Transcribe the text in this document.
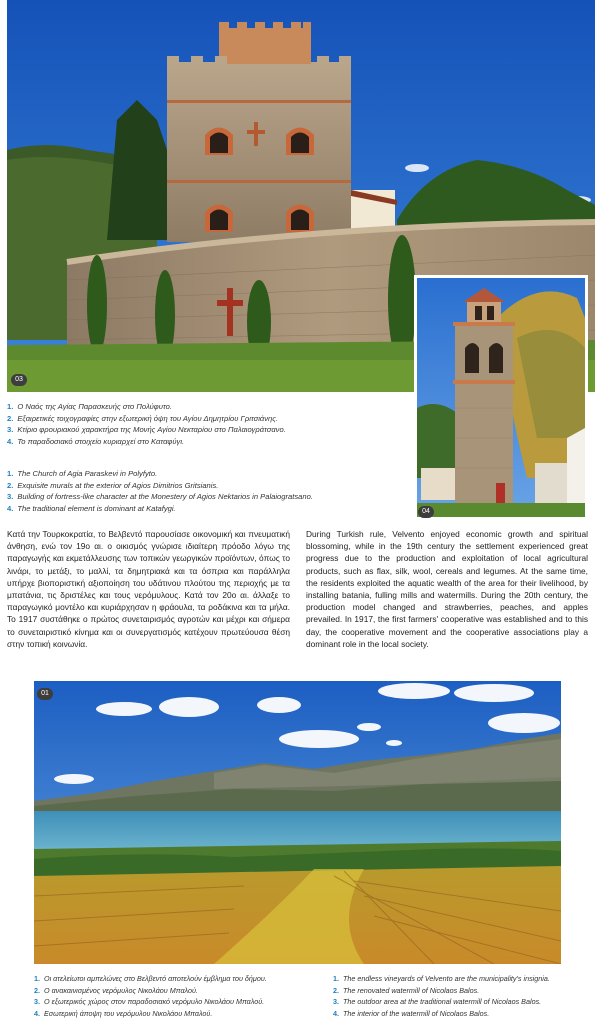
03
04
1. Ο Ναός της Αγίας Παρασκευής στο Πολύφυτο.
2. Εξαιρετικές τοιχογραφίες στην εξωτερική όψη του Αγίου Δημητρίου Γριτσιάνης.
3. Κτίριο φρουριακού χαρακτήρα της Μονής Αγίου Νεκταρίου στο Παλαιογράτσανο.
4. Το παραδοσιακό στοιχείο κυριαρχεί στο Καταφύγι.
1. The Church of Agia Paraskevi in Polyfyto.
2. Exquisite murals at the exterior of Agios Dimitrios Gritsianis.
3. Building of fortress-like character at the Monestery of Agios Nektarios in Palaiogratsano.
4. The traditional element is dominant at Katafygi.
Κατά την Τουρκοκρατία, το Βελβεντό παρουσίασε οικονομική και πνευματική άνθηση, ενώ τον 19ο αι. ο οικισμός γνώρισε ιδιαίτερη πρόοδο λόγω της παραγωγής και εκμετάλλευσης των τοπικών γεωργικών προϊόντων, όπως το λινάρι, το μετάξι, το μαλλί, τα δημητριακά και τα όσπρια και παράλληλα υπήρχε βιοποριστική αξιοποίηση του υδάτινου πλούτου της περιοχής με τα μπατάνια, τις δριστέλες και τους νερόμυλους. Κατά τον 20ο αι. άλλαξε το παραγωγικό μοντέλο και κυριάρχησαν η φράουλα, τα ροδάκινα και τα μήλα. Το 1917 συστάθηκε ο πρώτος συνεταιρισμός αγροτών και μέχρι και σήμερα το συνεταιριστικό κίνημα και οι συνεργατισμός κατέχουν πρωτεύουσα θέση στην τοπική κοινωνία.
During Turkish rule, Velvento enjoyed economic growth and spiritual blossoming, while in the 19th century the settlement experienced great progress due to the production and exploitation of local agricultural products, such as flax, silk, wool, cereals and legumes. At the same time, the residents exploited the aquatic wealth of the area for their livelihood, by installing batania, fulling mills and watermills. During the 20th century, the production model changed and strawberries, peaches, and apples prevailed. In 1917, the first farmers' cooperative was established and to this day, the cooperative movement and the cooperative associations play a dominant role in the local society.
01
1. Οι ατελείωτοι αμπελώνες στο Βελβεντό αποτελούν έμβλημα του δήμου.
2. Ο ανακαινισμένος νερόμυλος Νικολάου Μπαλού.
3. Ο εξωτερικός χώρος στον παραδοσιακό νερόμυλο Νικολάου Μπαλού.
4. Εσωτερική άποψη του νερόμυλου Νικολάου Μπαλού.
1. The endless vineyards of Velvento are the municipality's insignia.
2. The renovated watermill of Nicolaos Balos.
3. The outdoor area at the traditional watermill of Nicolaos Balos.
4. The interior of the watermill of Nicolaos Balos.
